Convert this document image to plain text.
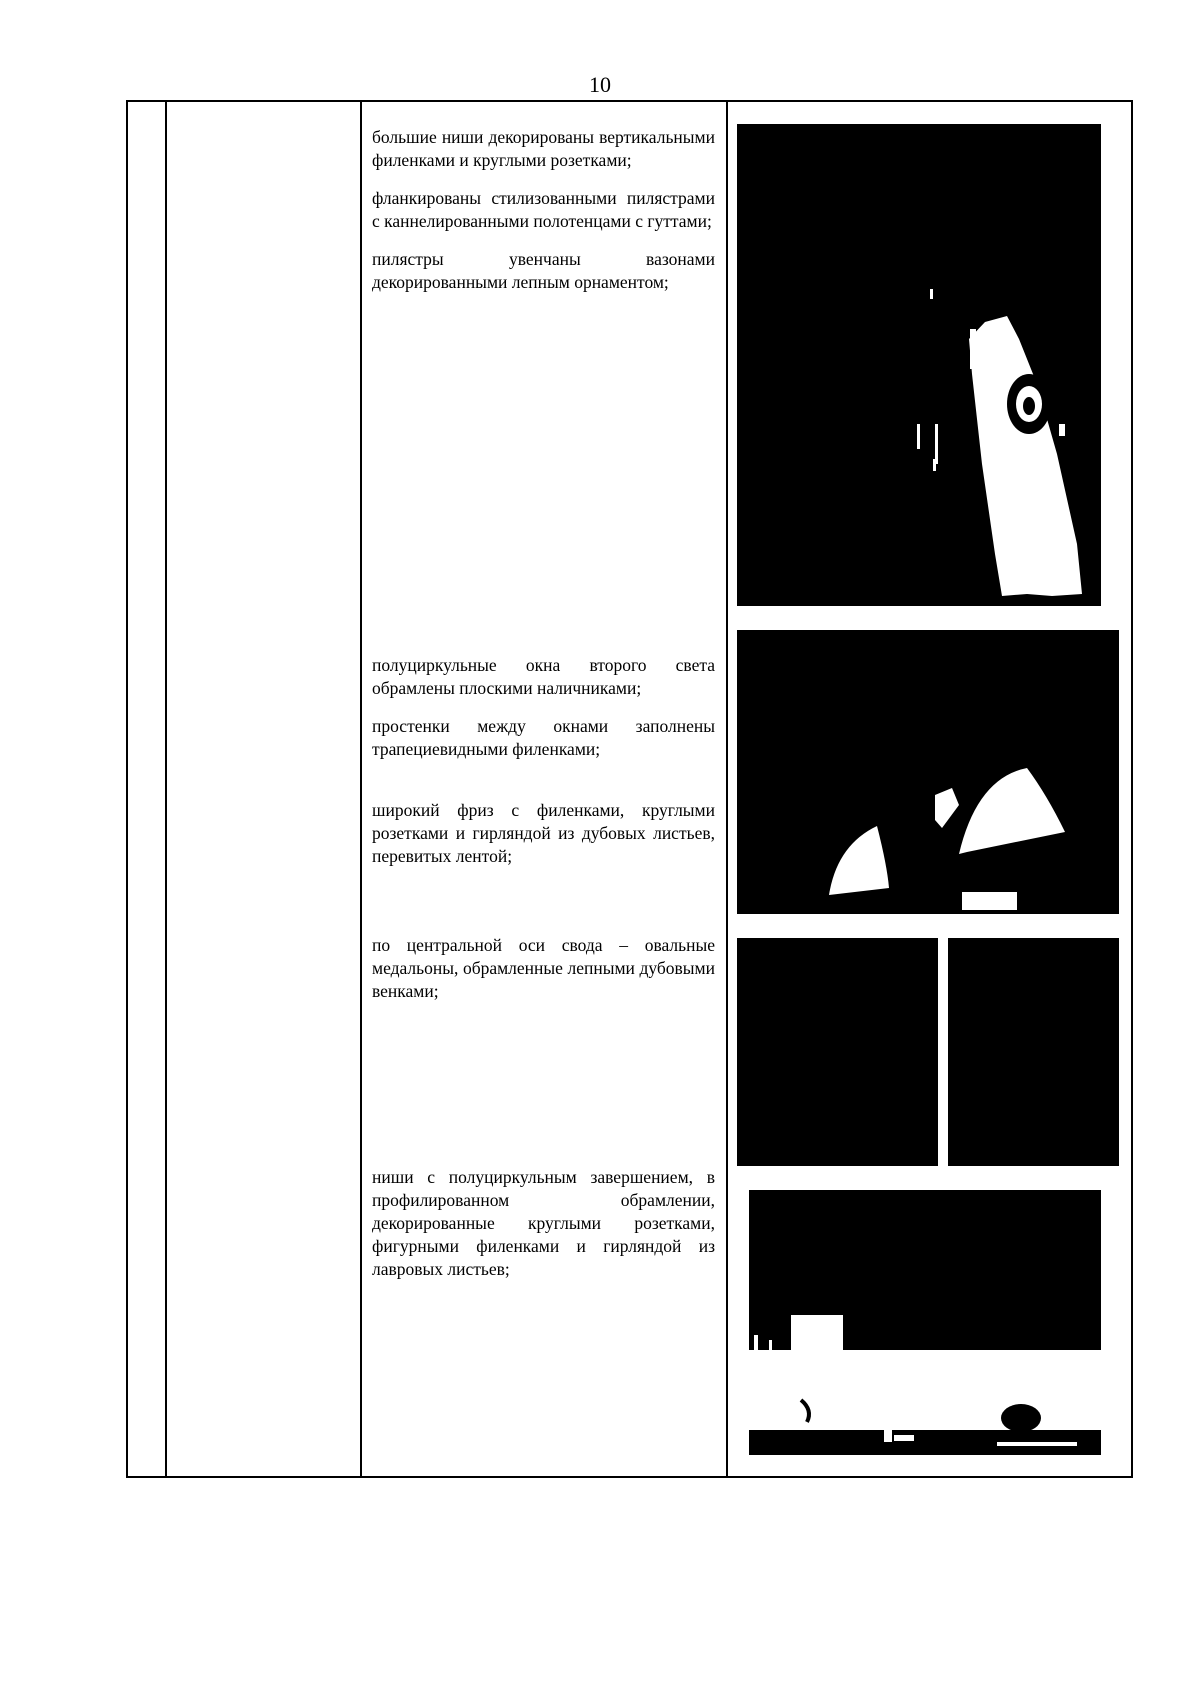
10

большие ниши декорированы вертикальными филенками и круглыми розетками;

фланкированы стилизованными пилястрами с каннелированными полотенцами с гуттами;

пилястры увенчаны вазонами декорированными лепным орнаментом;

полуциркульные окна второго света обрамлены плоскими наличниками;

простенки между окнами заполнены трапециевидными филенками;

широкий фриз с филенками, круглыми розетками и гирляндой из дубовых листьев, перевитых лентой;

по центральной оси свода – овальные медальоны, обрамленные лепными дубовыми венками;

ниши с полуциркульным завершением, в профилированном обрамлении, декорированные круглыми розетками, фигурными филенками и гирляндой из лавровых листьев;
